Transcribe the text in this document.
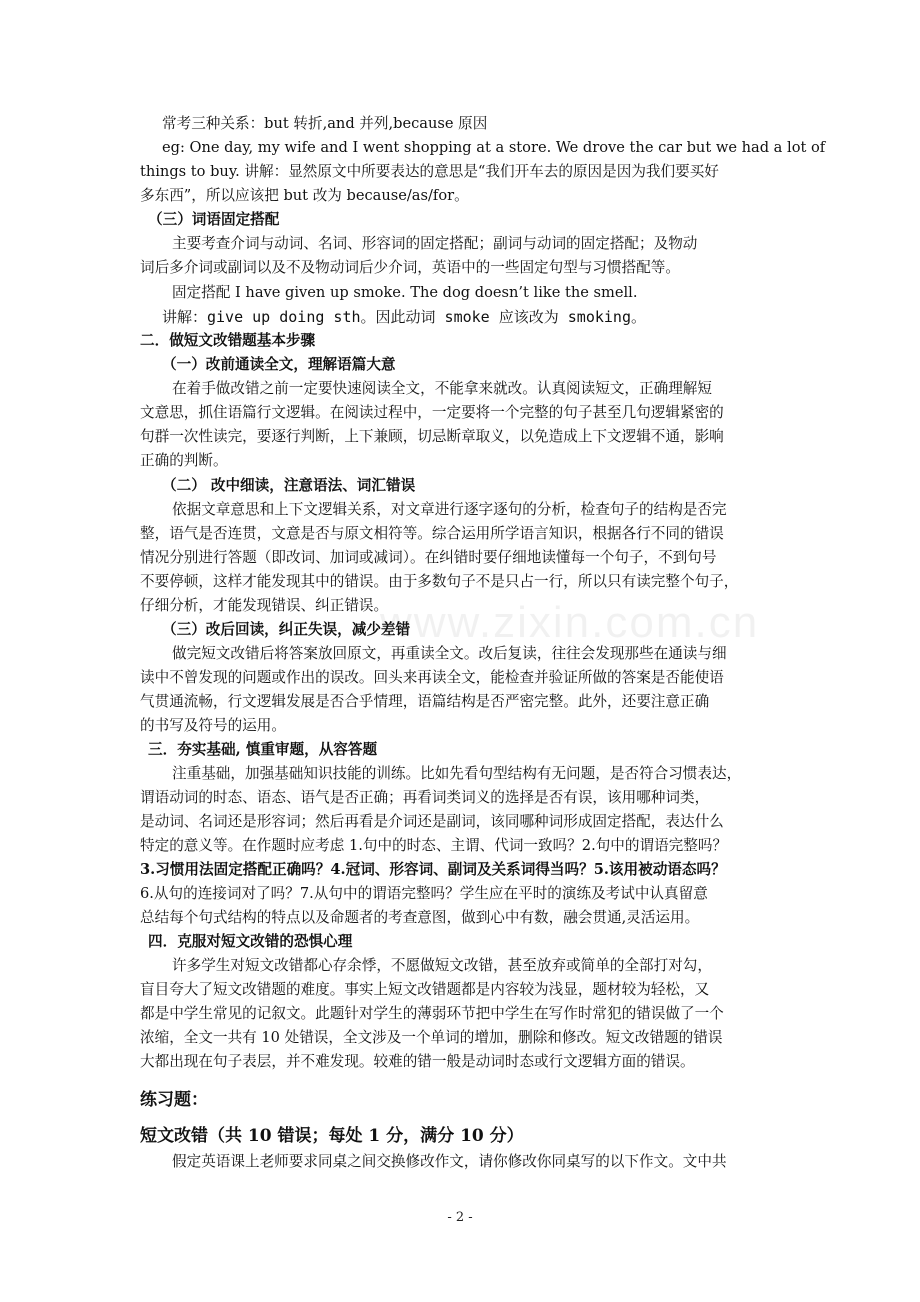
常考三种关系：but 转折,and 并列,because 原因
eg: One day, my wife and I went shopping at a store. We drove the car but we had a lot of
things to buy. 讲解：显然原文中所要表达的意思是“我们开车去的原因是因为我们要买好
多东西”，所以应该把 but 改为 because/as/for。
（三）词语固定搭配
主要考查介词与动词、名词、形容词的固定搭配；副词与动词的固定搭配；及物动
词后多介词或副词以及不及物动词后少介词，英语中的一些固定句型与习惯搭配等。
固定搭配 I have given up smoke. The dog doesn’t like the smell.
讲解：give up doing sth。因此动词 smoke 应该改为 smoking。
二．做短文改错题基本步骤
（一）改前通读全文，理解语篇大意
在着手做改错之前一定要快速阅读全文，不能拿来就改。认真阅读短文，正确理解短
文意思，抓住语篇行文逻辑。在阅读过程中，一定要将一个完整的句子甚至几句逻辑紧密的
句群一次性读完，要逐行判断，上下兼顾，切忌断章取义，以免造成上下文逻辑不通，影响
正确的判断。
（二） 改中细读，注意语法、词汇错误
依据文章意思和上下文逻辑关系，对文章进行逐字逐句的分析，检查句子的结构是否完
整，语气是否连贯，文意是否与原文相符等。综合运用所学语言知识，根据各行不同的错误
情况分别进行答题（即改词、加词或减词）。在纠错时要仔细地读懂每一个句子，不到句号
不要停顿，这样才能发现其中的错误。由于多数句子不是只占一行，所以只有读完整个句子，
仔细分析，才能发现错误、纠正错误。
（三）改后回读，纠正失误，减少差错
做完短文改错后将答案放回原文，再重读全文。改后复读，往往会发现那些在通读与细
读中不曾发现的问题或作出的误改。回头来再读全文，能检查并验证所做的答案是否能使语
气贯通流畅，行文逻辑发展是否合乎情理，语篇结构是否严密完整。此外，还要注意正确
的书写及符号的运用。
三．夯实基础, 慎重审题，从容答题
注重基础，加强基础知识技能的训练。比如先看句型结构有无问题，是否符合习惯表达，
谓语动词的时态、语态、语气是否正确；再看词类词义的选择是否有误，该用哪种词类，
是动词、名词还是形容词；然后再看是介词还是副词，该同哪种词形成固定搭配，表达什么
特定的意义等。在作题时应考虑 1.句中的时态、主谓、代词一致吗？2.句中的谓语完整吗？
3.习惯用法固定搭配正确吗？4.冠词、形容词、副词及关系词得当吗？5.该用被动语态吗？
6.从句的连接词对了吗？7.从句中的谓语完整吗？学生应在平时的演练及考试中认真留意
总结每个句式结构的特点以及命题者的考查意图，做到心中有数，融会贯通,灵活运用。
四．克服对短文改错的恐惧心理
许多学生对短文改错都心存余悸，不愿做短文改错，甚至放弃或简单的全部打对勾，
盲目夸大了短文改错题的难度。事实上短文改错题都是内容较为浅显，题材较为轻松，又
都是中学生常见的记叙文。此题针对学生的薄弱环节把中学生在写作时常犯的错误做了一个
浓缩，全文一共有 10 处错误，全文涉及一个单词的增加，删除和修改。短文改错题的错误
大都出现在句子表层，并不难发现。较难的错一般是动词时态或行文逻辑方面的错误。
练习题：
短文改错（共 10 错误；每处 1 分，满分 10 分）
假定英语课上老师要求同桌之间交换修改作文，请你修改你同桌写的以下作文。文中共
www.zixin.com.cn
- 2 -
